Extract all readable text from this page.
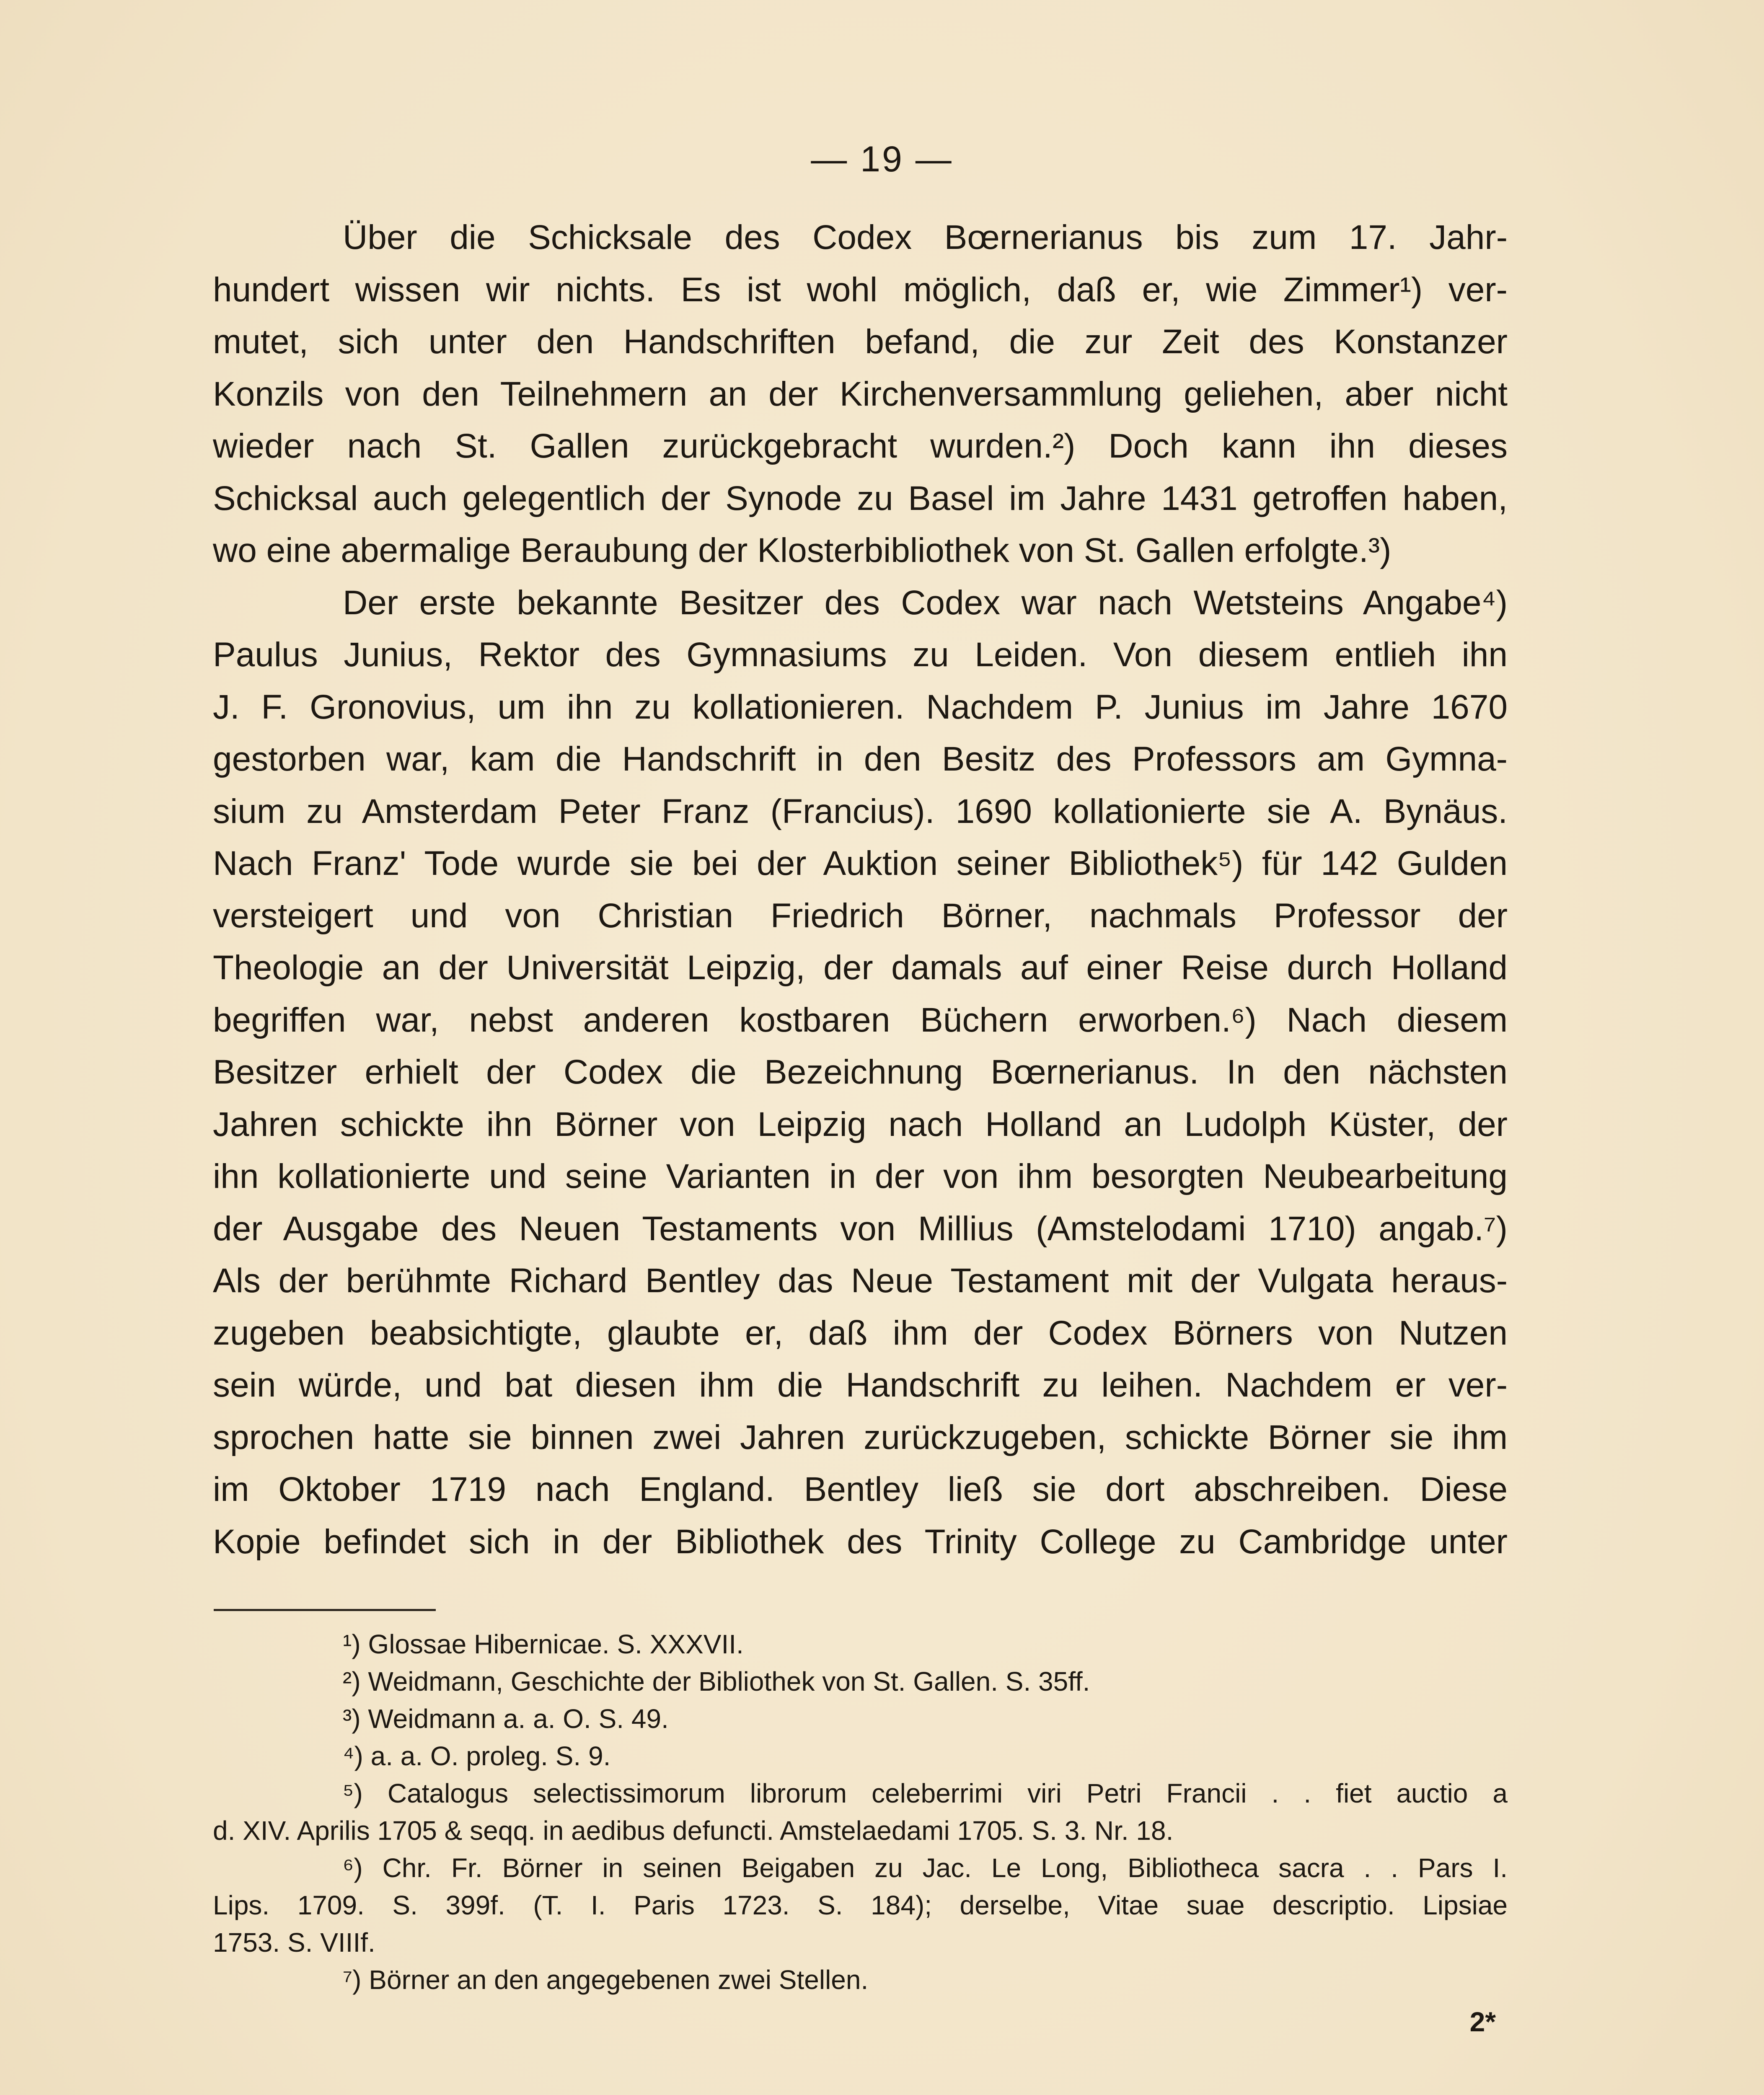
— 19 —

Über die Schicksale des Codex Bœrnerianus bis zum 17. Jahr-
hundert wissen wir nichts. Es ist wohl möglich, daß er, wie Zimmer¹) ver-
mutet, sich unter den Handschriften befand, die zur Zeit des Konstanzer
Konzils von den Teilnehmern an der Kirchenversammlung geliehen, aber nicht
wieder nach St. Gallen zurückgebracht wurden.²) Doch kann ihn dieses
Schicksal auch gelegentlich der Synode zu Basel im Jahre 1431 getroffen haben,
wo eine abermalige Beraubung der Klosterbibliothek von St. Gallen erfolgte.³)

Der erste bekannte Besitzer des Codex war nach Wetsteins Angabe⁴)
Paulus Junius, Rektor des Gymnasiums zu Leiden. Von diesem entlieh ihn
J. F. Gronovius, um ihn zu kollationieren. Nachdem P. Junius im Jahre 1670
gestorben war, kam die Handschrift in den Besitz des Professors am Gymna-
sium zu Amsterdam Peter Franz (Francius). 1690 kollationierte sie A. Bynäus.
Nach Franz' Tode wurde sie bei der Auktion seiner Bibliothek⁵) für 142 Gulden
versteigert und von Christian Friedrich Börner, nachmals Professor der
Theologie an der Universität Leipzig, der damals auf einer Reise durch Holland
begriffen war, nebst anderen kostbaren Büchern erworben.⁶) Nach diesem
Besitzer erhielt der Codex die Bezeichnung Bœrnerianus. In den nächsten
Jahren schickte ihn Börner von Leipzig nach Holland an Ludolph Küster, der
ihn kollationierte und seine Varianten in der von ihm besorgten Neubearbeitung
der Ausgabe des Neuen Testaments von Millius (Amstelodami 1710) angab.⁷)
Als der berühmte Richard Bentley das Neue Testament mit der Vulgata heraus-
zugeben beabsichtigte, glaubte er, daß ihm der Codex Börners von Nutzen
sein würde, und bat diesen ihm die Handschrift zu leihen. Nachdem er ver-
sprochen hatte sie binnen zwei Jahren zurückzugeben, schickte Börner sie ihm
im Oktober 1719 nach England. Bentley ließ sie dort abschreiben. Diese
Kopie befindet sich in der Bibliothek des Trinity College zu Cambridge unter

¹) Glossae Hibernicae. S. XXXVII.
²) Weidmann, Geschichte der Bibliothek von St. Gallen. S. 35ff.
³) Weidmann a. a. O. S. 49.
⁴) a. a. O. proleg. S. 9.
⁵) Catalogus selectissimorum librorum celeberrimi viri Petri Francii . . fiet auctio a
d. XIV. Aprilis 1705 & seqq. in aedibus defuncti. Amstelaedami 1705. S. 3. Nr. 18.
⁶) Chr. Fr. Börner in seinen Beigaben zu Jac. Le Long, Bibliotheca sacra . . Pars I.
Lips. 1709. S. 399f. (T. I. Paris 1723. S. 184); derselbe, Vitae suae descriptio. Lipsiae
1753. S. VIIIf.
⁷) Börner an den angegebenen zwei Stellen.
2*
